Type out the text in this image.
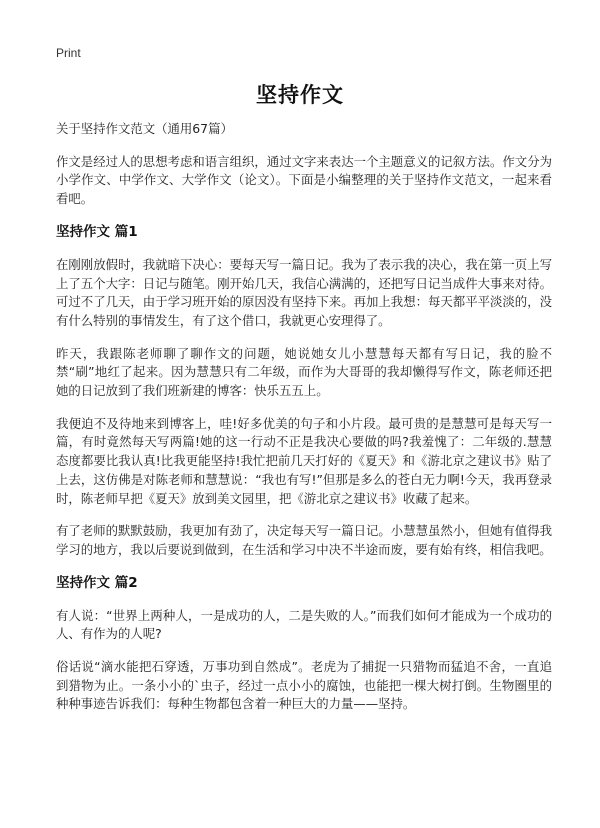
Print
坚持作文

关于坚持作文范文（通用67篇）

作文是经过人的思想考虑和语言组织，通过文字来表达一个主题意义的记叙方法。作文分为小学作文、中学作文、大学作文（论文）。下面是小编整理的关于坚持作文范文，一起来看看吧。

坚持作文 篇1

在刚刚放假时，我就暗下决心：要每天写一篇日记。我为了表示我的决心，我在第一页上写上了五个大字：日记与随笔。刚开始几天，我信心满满的，还把写日记当成件大事来对待。可过不了几天，由于学习班开始的原因没有坚持下来。再加上我想：每天都平平淡淡的，没有什么特别的事情发生，有了这个借口，我就更心安理得了。

昨天，我跟陈老师聊了聊作文的问题，她说她女儿小慧慧每天都有写日记，我的脸不禁“刷”地红了起来。因为慧慧只有二年级，而作为大哥哥的我却懒得写作文，陈老师还把她的日记放到了我们班新建的博客：快乐五五上。

我便迫不及待地来到博客上，哇!好多优美的句子和小片段。最可贵的是慧慧可是每天写一篇，有时竟然每天写两篇!她的这一行动不正是我决心要做的吗?我羞愧了：二年级的.慧慧态度都要比我认真!比我更能坚持!我忙把前几天打好的《夏天》和《游北京之建议书》贴了上去，这仿佛是对陈老师和慧慧说：“我也有写!”但那是多么的苍白无力啊!今天，我再登录时，陈老师早把《夏天》放到美文园里，把《游北京之建议书》收藏了起来。

有了老师的默默鼓励，我更加有劲了，决定每天写一篇日记。小慧慧虽然小，但她有值得我学习的地方，我以后要说到做到，在生活和学习中决不半途而废，要有始有终，相信我吧。

坚持作文 篇2

有人说：“世界上两种人，一是成功的人，二是失败的人。”而我们如何才能成为一个成功的人、有作为的人呢?

俗话说“滴水能把石穿透，万事功到自然成”。老虎为了捕捉一只猎物而猛追不舍，一直追到猎物为止。一条小小的`虫子，经过一点小小的腐蚀，也能把一棵大树打倒。生物圈里的种种事迹告诉我们：每种生物都包含着一种巨大的力量——坚持。
